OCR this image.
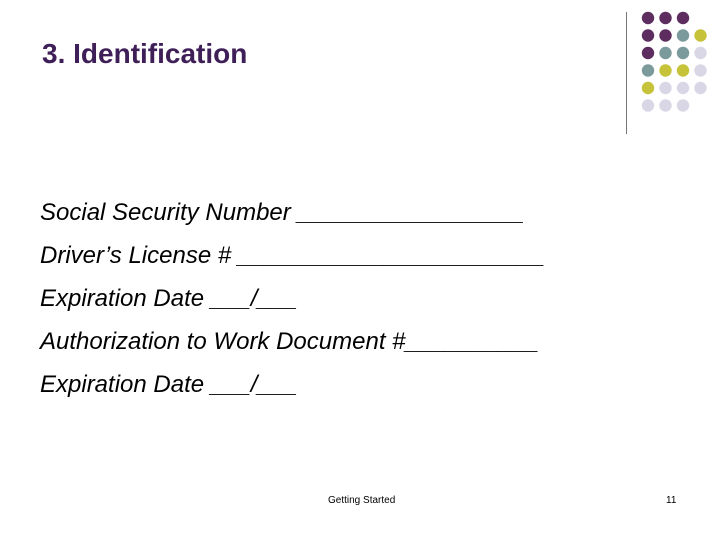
3. Identification
Social Security Number _________________
Driver’s License # _______________________
Expiration Date ___/___
Authorization to Work Document #__________
Expiration Date ___/___
Getting Started	11
